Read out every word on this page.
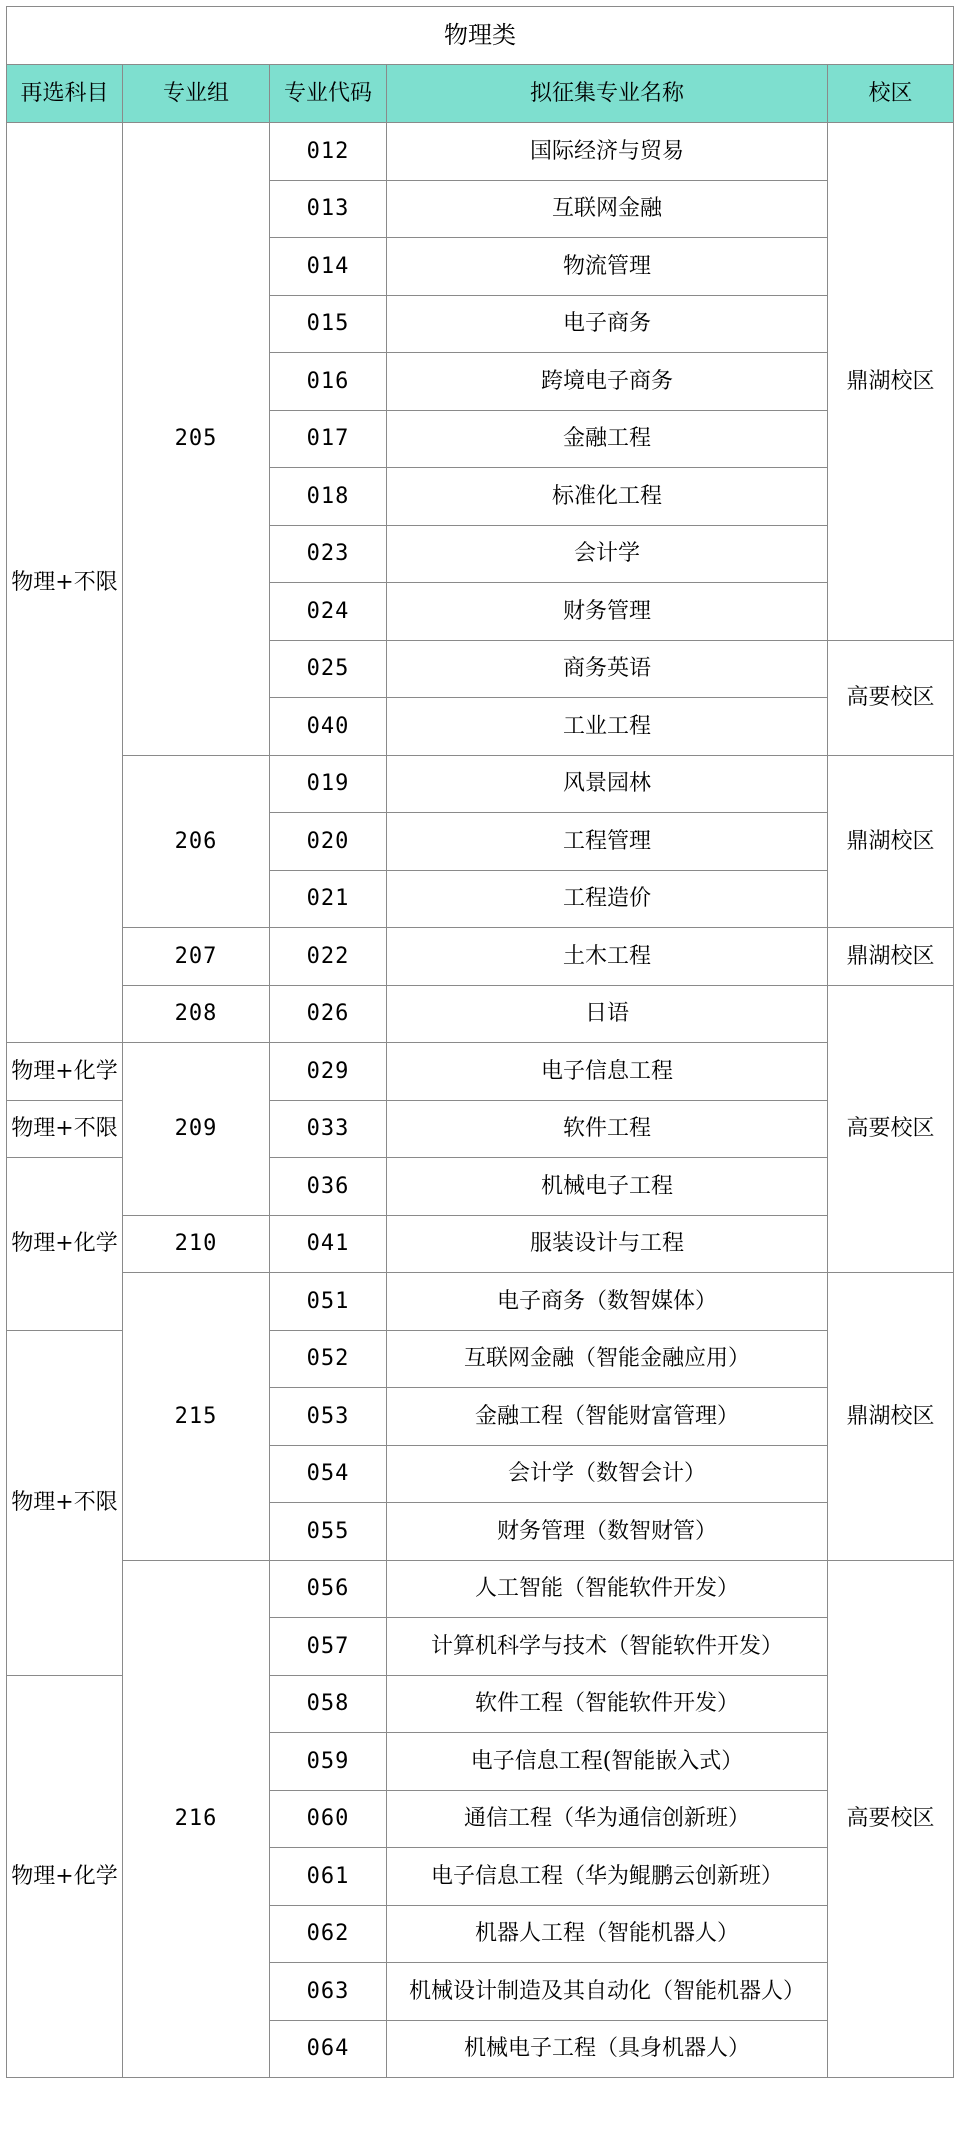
物理类				
再选科目	专业组	专业代码	拟征集专业名称	校区
物理+不限	205	012	国际经济与贸易	鼎湖校区
		013	互联网金融	
		014	物流管理	
		015	电子商务	
		016	跨境电子商务	
		017	金融工程	
		018	标准化工程	
		023	会计学	
		024	财务管理	
		025	商务英语	高要校区
		040	工业工程	
	206	019	风景园林	鼎湖校区
		020	工程管理	
		021	工程造价	
	207	022	土木工程	鼎湖校区
	208	026	日语	高要校区
物理+化学	209	029	电子信息工程	
物理+不限		033	软件工程	
物理+化学		036	机械电子工程	
	210	041	服装设计与工程	
	215	051	电子商务（数智媒体）	鼎湖校区
物理+不限		052	互联网金融（智能金融应用）	
		053	金融工程（智能财富管理）	
		054	会计学（数智会计）	
		055	财务管理（数智财管）	
	216	056	人工智能（智能软件开发）	高要校区
		057	计算机科学与技术（智能软件开发）	
物理+化学		058	软件工程（智能软件开发）	
		059	电子信息工程(智能嵌入式）	
		060	通信工程（华为通信创新班）	
		061	电子信息工程（华为鲲鹏云创新班）	
		062	机器人工程（智能机器人）	
		063	机械设计制造及其自动化（智能机器人）	
		064	机械电子工程（具身机器人）	
